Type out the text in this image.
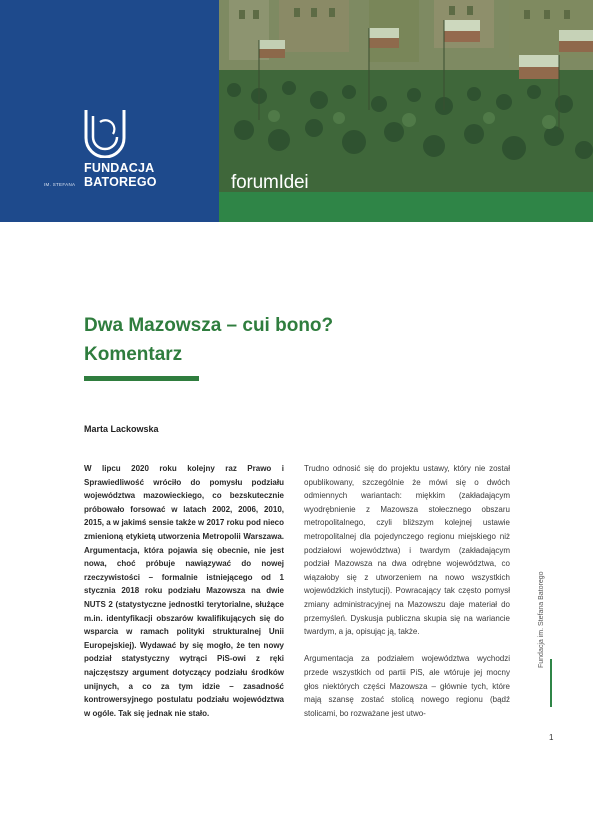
FUNDACJA
BATOREGO
IM. STEFANA	forumIdei
Dwa Mazowsza – cui bono?
Komentarz
Marta Lackowska

W lipcu 2020 roku kolejny raz Prawo i Sprawiedliwość wróciło do pomysłu podziału województwa mazowieckiego, co bezskutecznie próbowało forsować w latach 2002, 2006, 2010, 2015, a w jakimś sensie także w 2017 roku pod nieco zmienioną etykietą utworzenia Metropolii Warszawa. Argumentacja, która pojawia się obecnie, nie jest nowa, choć próbuje nawiązywać do nowej rzeczywistości – formalnie istniejącego od 1 stycznia 2018 roku podziału Mazowsza na dwie NUTS 2 (statystyczne jednostki terytorialne, służące m.in. identyfikacji obszarów kwalifikujących się do wsparcia w ramach polityki strukturalnej Unii Europejskiej). Wydawać by się mogło, że ten nowy podział statystyczny wytrąci PiS-owi z ręki najczęstszy argument dotyczący podziału środków unijnych, a co za tym idzie – zasadność kontrowersyjnego postulatu podziału województwa w ogóle. Tak się jednak nie stało.

Trudno odnosić się do projektu ustawy, który nie został opublikowany, szczególnie że mówi się o dwóch odmiennych wariantach: miękkim (zakładającym wyodrębnienie z Mazowsza stołecznego obszaru metropolitalnego, czyli bliższym kolejnej ustawie metropolitalnej dla pojedynczego regionu miejskiego niż podziałowi województwa) i twardym (zakładającym podział Mazowsza na dwa odrębne województwa, co wiązałoby się z utworzeniem na nowo wszystkich wojewódzkich instytucji). Powracający tak często pomysł zmiany administracyjnej na Mazowszu daje materiał do przemyśleń. Dyskusja publiczna skupia się na wariancie twardym, a ja, opisując ją, także.

Argumentacja za podziałem województwa wychodzi przede wszystkich od partii PiS, ale wtóruje jej mocny głos niektórych części Mazowsza – głównie tych, które mają szansę zostać stolicą nowego regionu (bądź stolicami, bo rozważane jest utwo-

Fundacja im. Stefana Batorego
1
